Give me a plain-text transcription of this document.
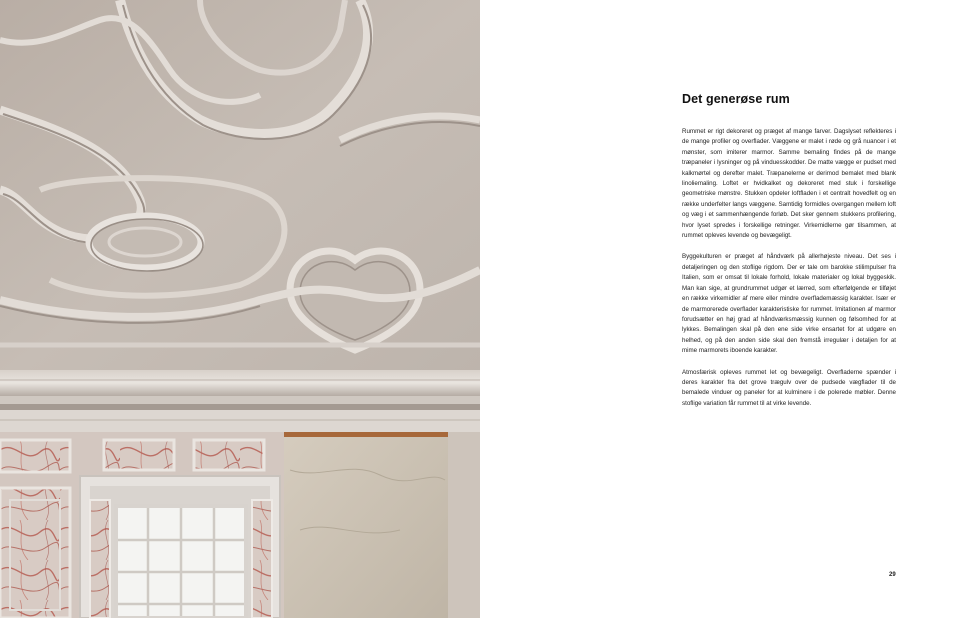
Det generøse rum

Rummet er rigt dekoreret og præget af mange farver. Dagslyset reflekteres i de mange profiler og overflader. Væggene er malet i røde og grå nuancer i et mønster, som imiterer marmor. Samme bemaling findes på de mange træpaneler i lysninger og på vinduesskodder. De matte vægge er pudset med kalkmørtel og derefter malet. Træpanelerne er derimod bemalet med blank linoliemaling. Loftet er hvidkalket og dekoreret med stuk i forskellige geometriske mønstre. Stukken opdeler loftfladen i et centralt hovedfelt og en række underfelter langs væggene. Samtidig formidles overgangen mellem loft og væg i et sammenhængende forløb. Det sker gennem stukkens profilering, hvor lyset spredes i forskellige retninger. Virkemidlerne gør tilsammen, at rummet opleves levende og bevægeligt.

Byggekulturen er præget af håndværk på allerhøjeste niveau. Det ses i detaljeringen og den stoflige rigdom. Der er tale om barokke stilimpulser fra Italien, som er omsat til lokale forhold, lokale materialer og lokal byggeskik. Man kan sige, at grundrummet udgør et lærred, som efterfølgende er tilføjet en række virkemidler af mere eller mindre overflademæssig karakter. Især er de marmorerede overflader karakteristiske for rummet. Imitationen af marmor forudsætter en høj grad af håndværksmæssig kunnen og følsomhed for at lykkes. Bemalingen skal på den ene side virke ensartet for at udgøre en helhed, og på den anden side skal den fremstå irregulær i detaljen for at mime marmorets iboende karakter.

Atmosfærisk opleves rummet let og bevægeligt. Overfladerne spænder i deres karakter fra det grove trægulv over de pudsede vægflader til de bemalede vinduer og paneler for at kulminere i de polerede møbler. Denne stoflige variation får rummet til at virke levende.

29
